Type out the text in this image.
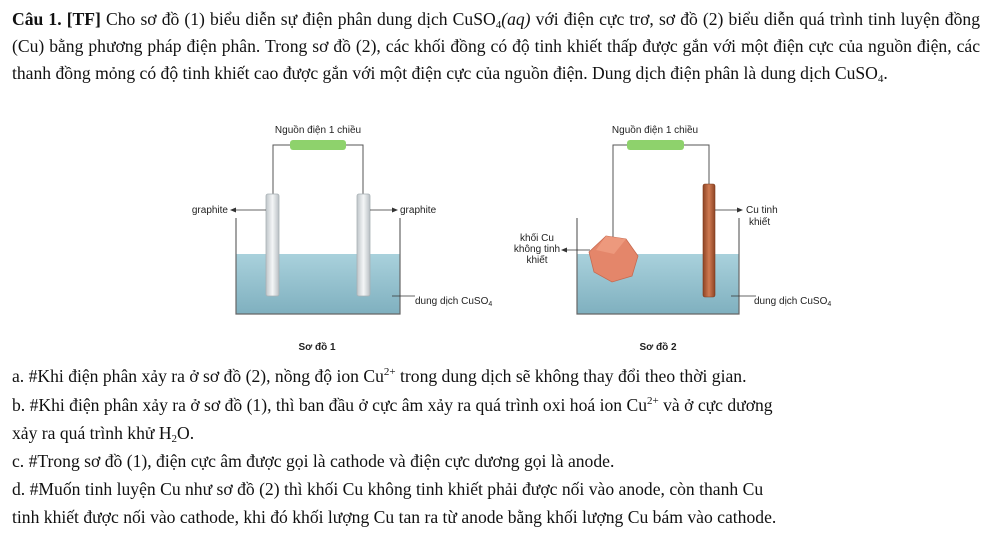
Câu 1. [TF] Cho sơ đồ (1) biểu diễn sự điện phân dung dịch CuSO$_4$(aq) với điện cực trơ, sơ đồ (2) biểu diễn quá trình tinh luyện đồng (Cu) bằng phương pháp điện phân. Trong sơ đồ (2), các khối đồng có độ tinh khiết thấp được gắn với một điện cực của nguồn điện, các thanh đồng mỏng có độ tinh khiết cao được gắn với một điện cực của nguồn điện. Dung dịch điện phân là dung dịch CuSO$_4$.
Nguồn điện 1 chiều
graphite	graphite
dung dịch CuSO$_4$
Sơ đồ 1
Nguồn điện 1 chiều
khối Cu
không tinh
khiết
Cu tinh
khiết
dung dịch CuSO$_4$
Sơ đồ 2
a. #Khi điện phân xảy ra ở sơ đồ (2), nồng độ ion $Cu^{2+}$ trong dung dịch sẽ không thay đổi theo thời gian.
b. #Khi điện phân xảy ra ở sơ đồ (1), thì ban đầu ở cực âm xảy ra quá trình oxi hoá ion $Cu^{2+}$ và ở cực dương
xảy ra quá trình khử $H_2O$.
c. #Trong sơ đồ (1), điện cực âm được gọi là cathode và điện cực dương gọi là anode.
d. #Muốn tinh luyện Cu như sơ đồ (2) thì khối Cu không tinh khiết phải được nối vào anode, còn thanh Cu
tinh khiết được nối vào cathode, khi đó khối lượng Cu tan ra từ anode bằng khối lượng Cu bám vào cathode.
